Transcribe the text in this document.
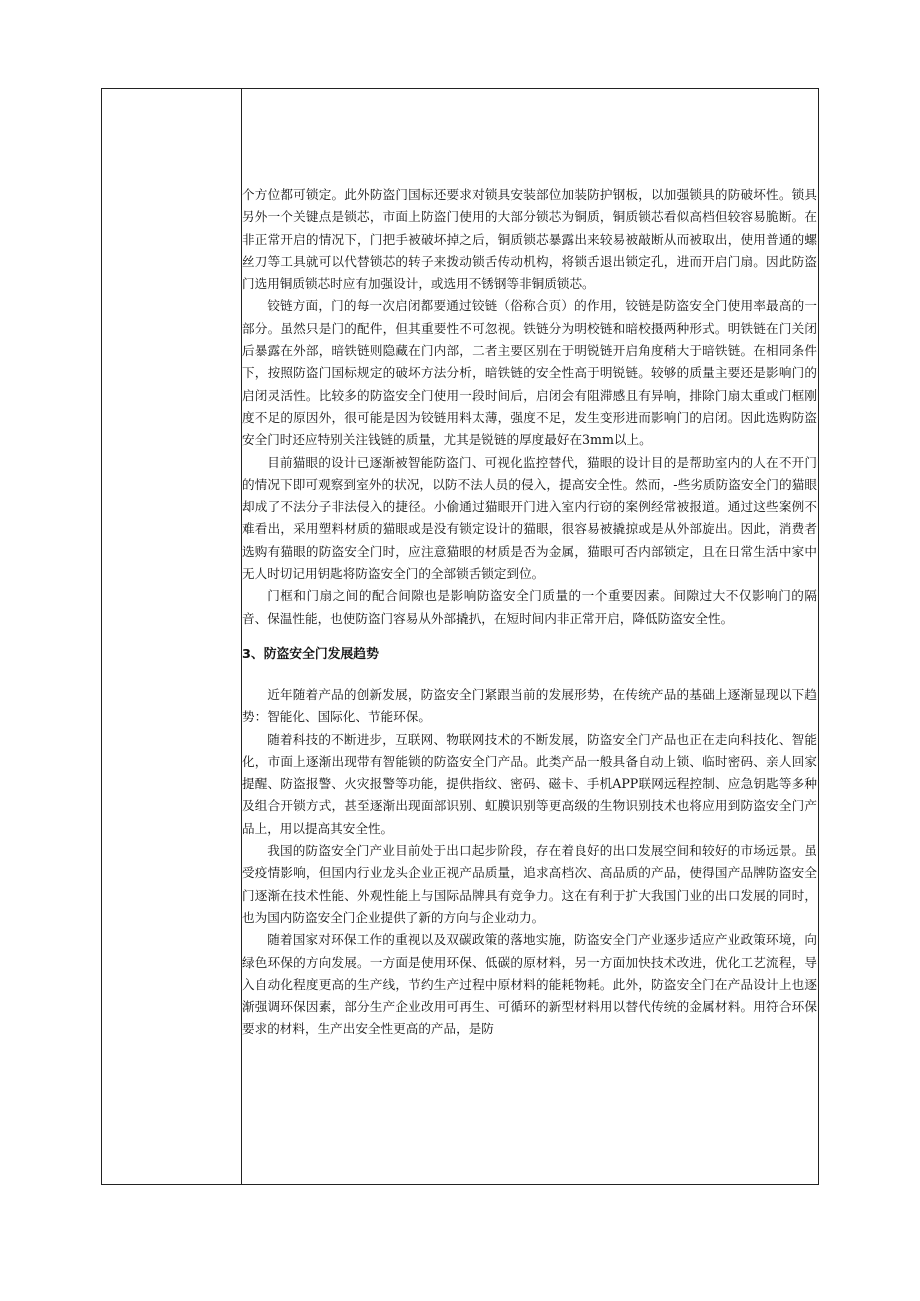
个方位都可锁定。此外防盗门国标还要求对锁具安装部位加装防护钢板，以加强锁具的防破坏性。锁具另外一个关键点是锁芯，市面上防盗门使用的大部分锁芯为铜质，铜质锁芯看似高档但较容易脆断。在非正常开启的情况下，门把手被破坏掉之后，铜质锁芯暴露出来较易被敲断从而被取出，使用普通的螺丝刀等工具就可以代替锁芯的转子来拨动锁舌传动机构，将锁舌退出锁定孔，进而开启门扇。因此防盗门选用铜质锁芯时应有加强设计，或选用不锈钢等非铜质锁芯。

铰链方面，门的每一次启闭都要通过铰链（俗称合页）的作用，铰链是防盗安全门使用率最高的一部分。虽然只是门的配件，但其重要性不可忽视。铁链分为明校链和暗校摄两种形式。明铁链在门关闭后暴露在外部，暗铁链则隐藏在门内部，二者主要区别在于明锐链开启角度稍大于暗铁链。在相同条件下，按照防盗门国标规定的破坏方法分析，暗铁链的安全性高于明锐链。较够的质量主要还是影响门的启闭灵活性。比较多的防盗安全门使用一段时间后，启闭会有阻滞感且有异响，排除门扇太重或门框刚度不足的原因外，很可能是因为铰链用料太薄，强度不足，发生变形进而影响门的启闭。因此选购防盗安全门时还应特别关注钱链的质量，尤其是锐链的厚度最好在3mm以上。

目前猫眼的设计已逐渐被智能防盗门、可视化监控替代，猫眼的设计目的是帮助室内的人在不开门的情况下即可观察到室外的状况，以防不法人员的侵入，提高安全性。然而，-些劣质防盗安全门的猫眼却成了不法分子非法侵入的捷径。小偷通过猫眼开门进入室内行窃的案例经常被报道。通过这些案例不难看出，采用塑料材质的猫眼或是没有锁定设计的猫眼，很容易被撬掠或是从外部旋出。因此，消费者选购有猫眼的防盗安全门时，应注意猫眼的材质是否为金属，猫眼可否内部锁定，且在日常生活中家中无人时切记用钥匙将防盗安全门的全部锁舌锁定到位。

门框和门扇之间的配合间隙也是影响防盗安全门质量的一个重要因素。间隙过大不仅影响门的隔音、保温性能，也使防盗门容易从外部撬扒，在短时间内非正常开启，降低防盗安全性。

3、防盗安全门发展趋势

近年随着产品的创新发展，防盗安全门紧跟当前的发展形势，在传统产品的基础上逐渐显现以下趋势：智能化、国际化、节能环保。

随着科技的不断进步，互联网、物联网技术的不断发展，防盗安全门产品也正在走向科技化、智能化，市面上逐渐出现带有智能锁的防盗安全门产品。此类产品一般具备自动上锁、临时密码、亲人回家提醒、防盗报警、火灾报警等功能，提供指纹、密码、磁卡、手机APP联网远程控制、应急钥匙等多种及组合开锁方式，甚至逐渐出现面部识别、虹膜识别等更高级的生物识别技术也将应用到防盗安全门产品上，用以提高其安全性。

我国的防盗安全门产业目前处于出口起步阶段，存在着良好的出口发展空间和较好的市场远景。虽受疫情影响，但国内行业龙头企业正视产品质量，追求高档次、高品质的产品，使得国产品牌防盗安全门逐渐在技术性能、外观性能上与国际品牌具有竞争力。这在有利于扩大我国门业的出口发展的同时，也为国内防盗安全门企业提供了新的方向与企业动力。

随着国家对环保工作的重视以及双碳政策的落地实施，防盗安全门产业逐步适应产业政策环境，向绿色环保的方向发展。一方面是使用环保、低碳的原材料，另一方面加快技术改进，优化工艺流程，导入自动化程度更高的生产线，节约生产过程中原材料的能耗物耗。此外，防盗安全门在产品设计上也逐渐强调环保因素，部分生产企业改用可再生、可循环的新型材料用以替代传统的金属材料。用符合环保要求的材料，生产出安全性更高的产品，是防
